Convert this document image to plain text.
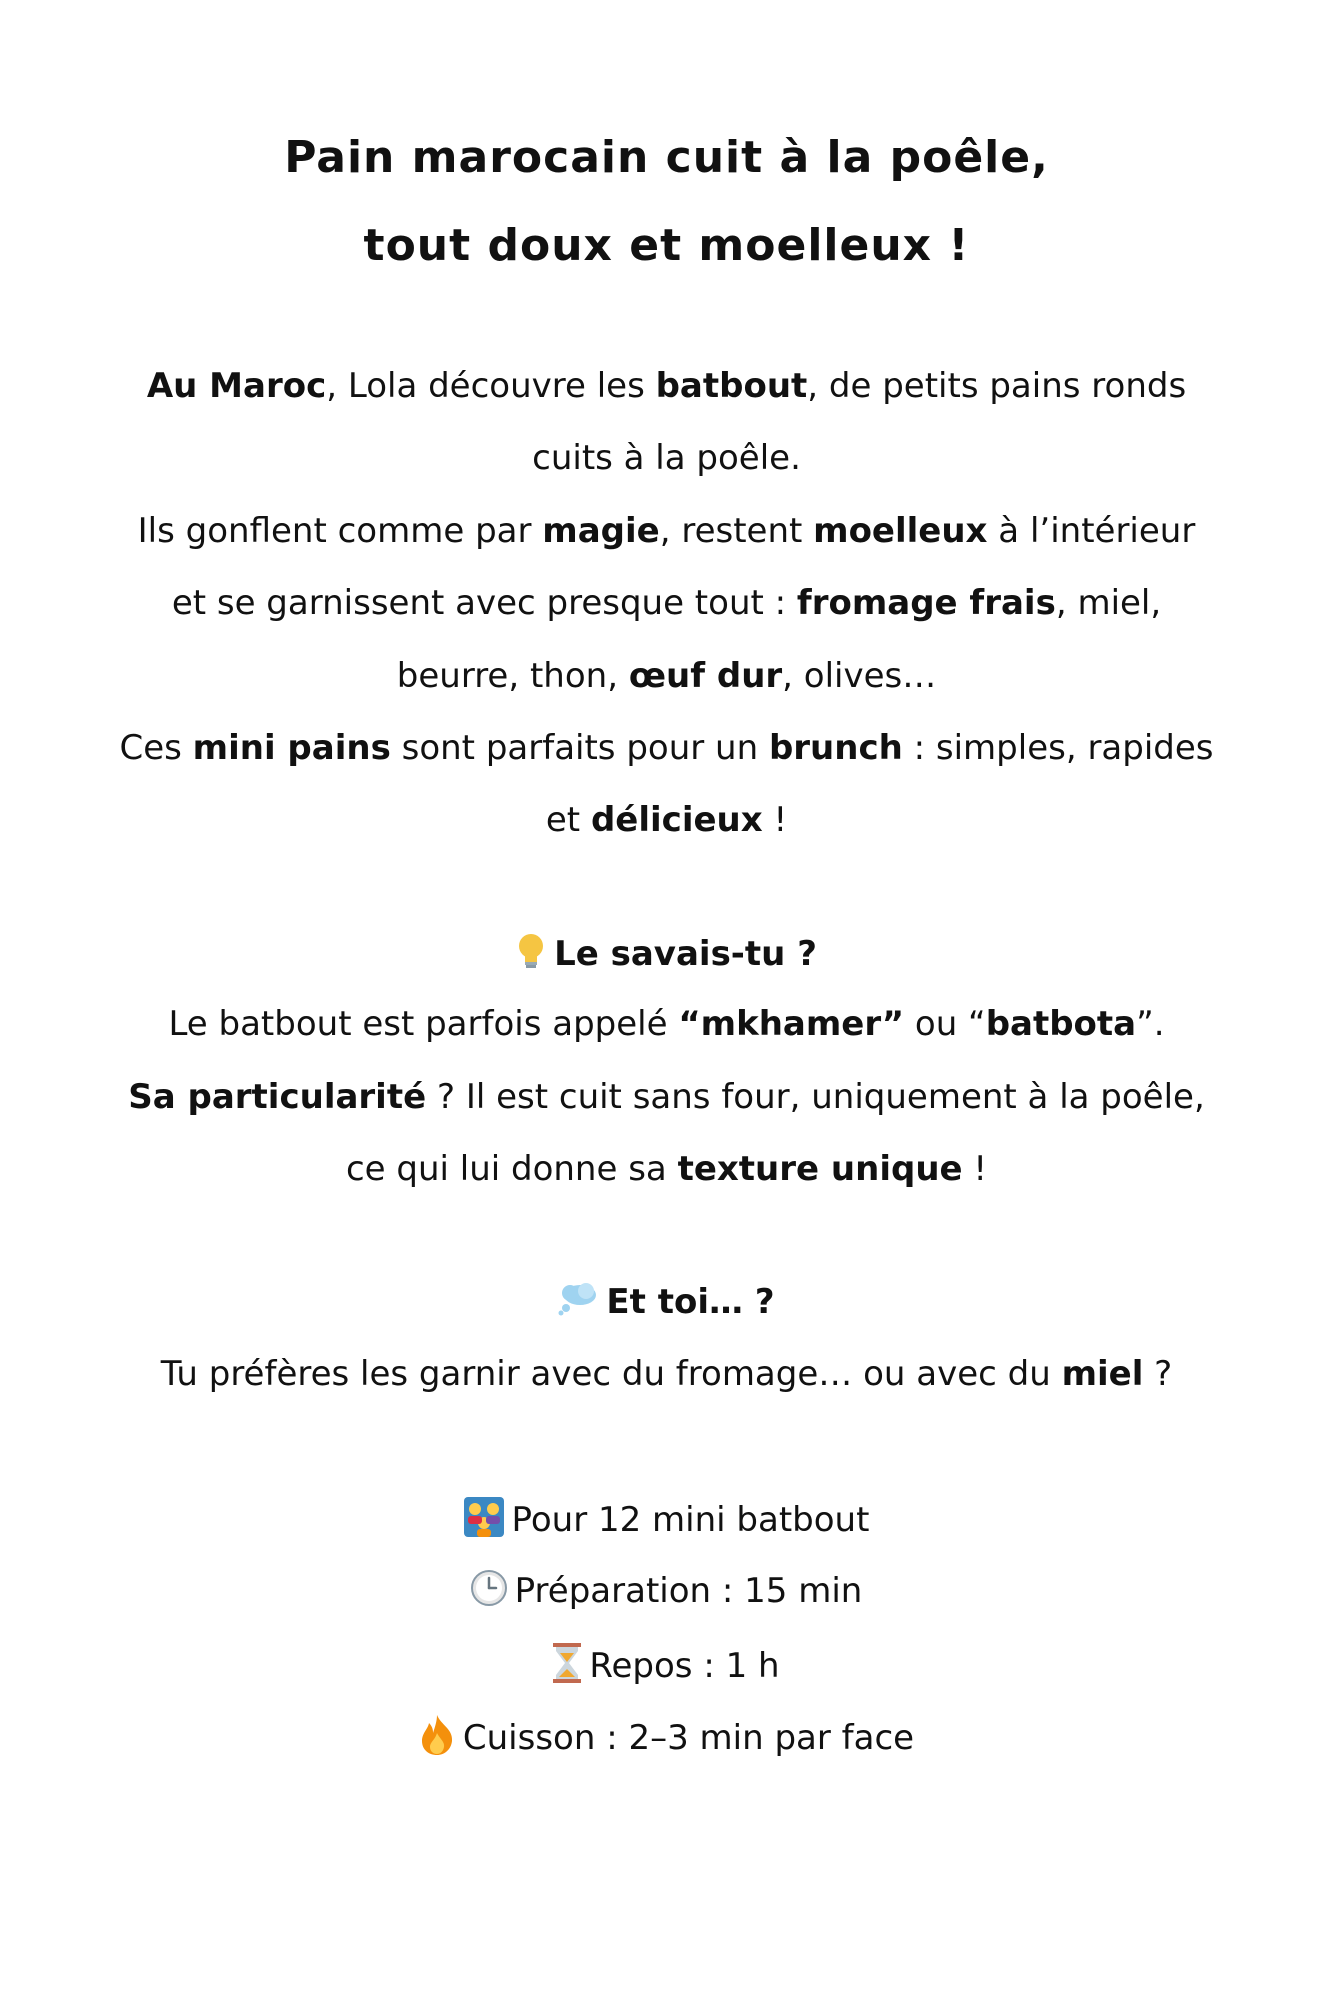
Pain marocain cuit à la poêle,
tout doux et moelleux !
Au Maroc, Lola découvre les batbout, de petits pains ronds
cuits à la poêle.
Ils gonflent comme par magie, restent moelleux à l’intérieur
et se garnissent avec presque tout : fromage frais, miel,
beurre, thon, œuf dur, olives…
Ces mini pains sont parfaits pour un brunch : simples, rapides
et délicieux !
Le savais-tu ?
Le batbout est parfois appelé “mkhamer” ou “batbota”.
Sa particularité ? Il est cuit sans four, uniquement à la poêle,
ce qui lui donne sa texture unique !
Et toi… ?
Tu préfères les garnir avec du fromage… ou avec du miel ?
Pour 12 mini batbout
Préparation : 15 min
Repos : 1 h
Cuisson : 2–3 min par face
